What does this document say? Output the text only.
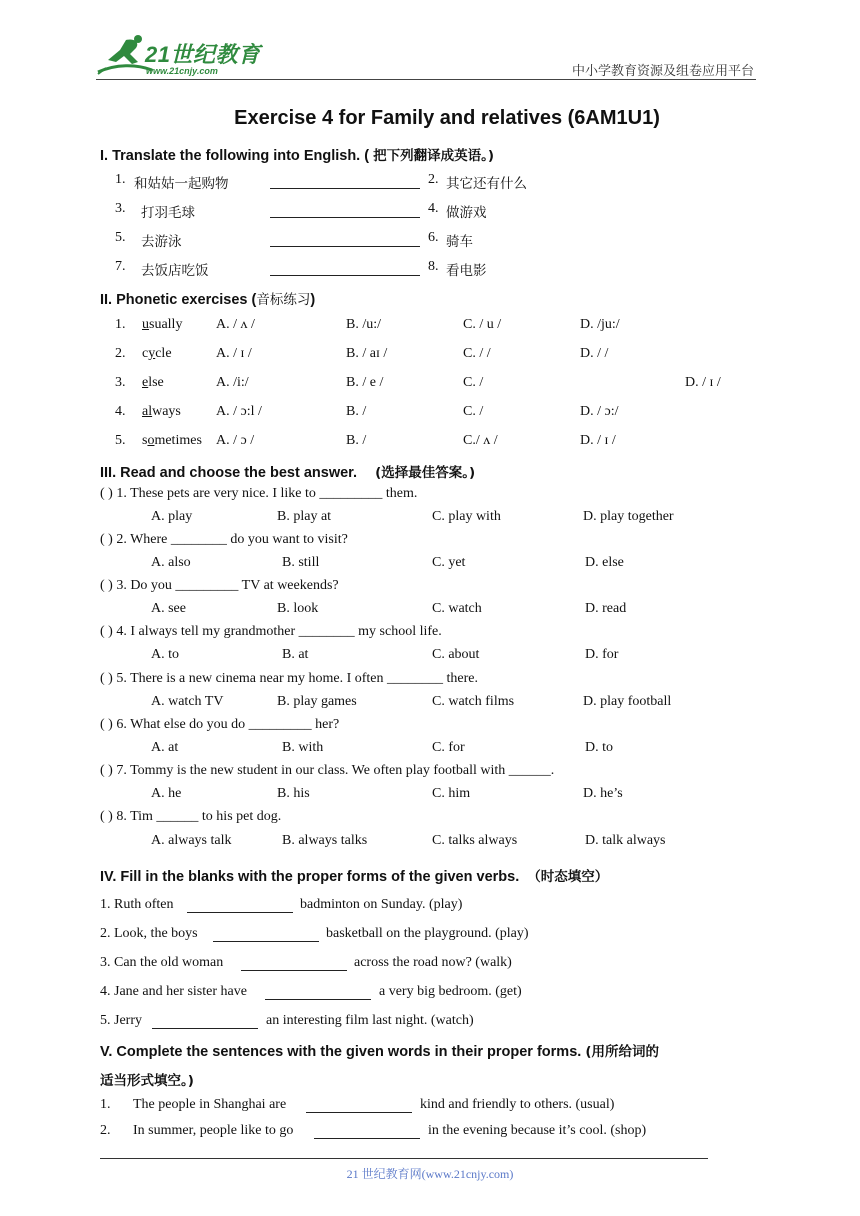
21世纪教育
www.21cnjy.com	中小学教育资源及组卷应用平台
Exercise 4 for Family and relatives (6AM1U1)
I. Translate the following into English. ( 把下列翻译成英语。)
1. 和姑姑一起购物	2. 其它还有什么
3. 打羽毛球	4. 做游戏
5. 去游泳	6. 骑车
7. 去饭店吃饭	8. 看电影
II. Phonetic exercises (音标练习)
1. usually A. / ʌ /	B. /u:/	C. / u /	D. /ju:/
2. cycle	A. / ɪ /	B. / aɪ /	C. / /	D. / /
3. else	A. /i:/	B. / e /	C. /	D. / ɪ /
4. always	A. / ɔ:l /	B. /	C. /	D. / ɔ:/
5. sometimes A. / ɔ /	B. /	C./ ʌ /	D. / ɪ /
III. Read and choose the best answer. (选择最佳答案。)
( ) 1. These pets are very nice. I like to _________ them.
A. play	B. play at	C. play with	D. play together
( ) 2. Where ________ do you want to visit?
A. also	B. still	C. yet	D. else
( ) 3. Do you _________ TV at weekends?
A. see	B. look	C. watch	D. read
( ) 4. I always tell my grandmother ________ my school life.
A. to	B. at	C. about	D. for
( ) 5. There is a new cinema near my home. I often ________ there.
A. watch TV	B. play games	C. watch films	D. play football
( ) 6. What else do you do _________ her?
A. at	B. with	C. for	D. to
( ) 7. Tommy is the new student in our class. We often play football with ______.
A. he	B. his	C. him	D. he’s
( ) 8. Tim ______ to his pet dog.
A. always talk	B. always talks	C. talks always	D. talk always
IV. Fill in the blanks with the proper forms of the given verbs. （时态填空）
1. Ruth often	badminton on Sunday. (play)
2. Look, the boys	basketball on the playground. (play)
3. Can the old woman	across the road now? (walk)
4. Jane and her sister have	a very big bedroom. (get)
5. Jerry	an interesting film last night. (watch)
V. Complete the sentences with the given words in their proper forms. (用所给词的
适当形式填空。)
1. The people in Shanghai are	kind and friendly to others. (usual)
2. In summer, people like to go	in the evening because it’s cool. (shop)
21 世纪教育网(www.21cnjy.com)
